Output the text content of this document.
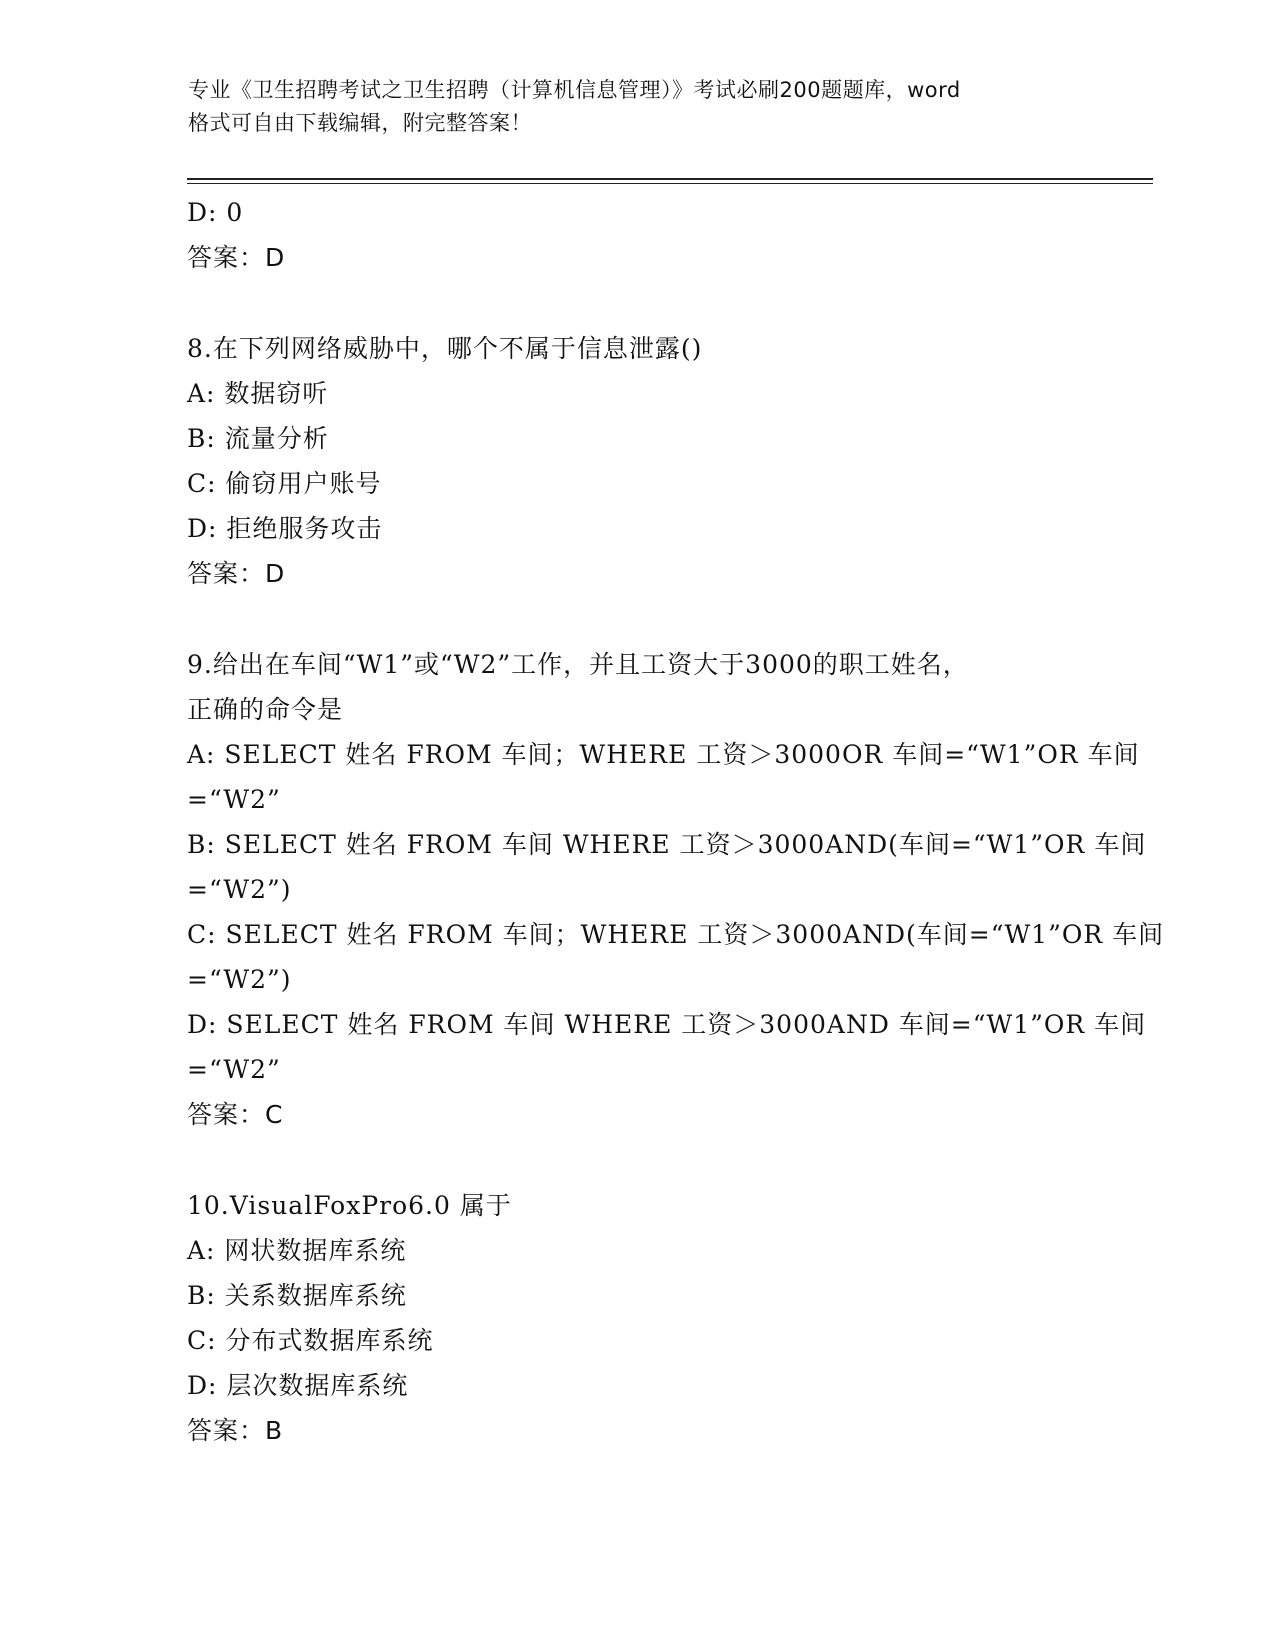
专业《卫生招聘考试之卫生招聘（计算机信息管理）》考试必刷200题题库，word
格式可自由下载编辑，附完整答案！
D: 0
答案：D
8.在下列网络威胁中，哪个不属于信息泄露()
A: 数据窃听
B: 流量分析
C: 偷窃用户账号
D: 拒绝服务攻击
答案：D
9.给出在车间“W1”或“W2”工作，并且工资大于3000的职工姓名，
正确的命令是
A: SELECT 姓名 FROM 车间；WHERE 工资＞3000OR 车间=“W1”OR 车间
=“W2”
B: SELECT 姓名 FROM 车间 WHERE 工资＞3000AND(车间=“W1”OR 车间
=“W2”)
C: SELECT 姓名 FROM 车间；WHERE 工资＞3000AND(车间=“W1”OR 车间
=“W2”)
D: SELECT 姓名 FROM 车间 WHERE 工资＞3000AND 车间=“W1”OR 车间
=“W2”
答案：C
10.VisualFoxPro6.0 属于
A: 网状数据库系统
B: 关系数据库系统
C: 分布式数据库系统
D: 层次数据库系统
答案：B
